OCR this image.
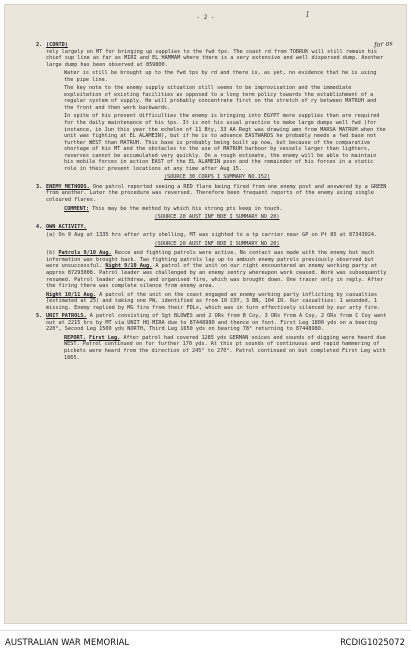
- 2 -	I
far as
2. (CONTD)
rely largely on MT for bringing up supplies to the fwd tps. The coast rd from TOBRUK will still remain his chief sup line as far as MIRI and EL HAMMAM where there is a very extensive and well dispersed dump. Another large dump has been observed at 859800.
Water is still be brought up to the fwd tps by rd and there is, as yet, no evidence that he is using the pipe line.
The key note to the enemy supply situation still seems to be improvisation and the immediate exploitation of existing facilities as opposed to a long term policy towards the establishment of a regular system of supply. He will probably concentrate first on the stretch of ry between MATRUH and the front and then work backwards.
In spite of his present difficulties the enemy is bringing into EGYPT more supplies than are required for the daily maintenance of his tps. It is not his usual practice to make large dumps well fwd (for instance, in Jun this year the echelon of 11 Bty, 33 AA Regt was drawing amn from MARSA MATRUH when the unit was fighting at EL ALAMEIN), but if he is to advance EASTWARDS he probably needs a fwd base not further WEST than MATRUH. This base is probably being built up now, but because of the comparative shortage of his MT and the obstacles to the use of MATRUH harbour by vessels larger than lighters, reserves cannot be accumulated very quickly. On a rough estimate, the enemy will be able to maintain his mobile forces in action EAST of the EL ALAMEIN posn and the remainder of his forces in a static role in their present locations at any time after Aug 15.
(SOURCE 30 CORPS I SUMMARY NO.152)
3. ENEMY METHODS. One patrol reported seeing a RED flare being fired from one enemy post and answered by a GREEN from another. Later the procedure was reversed. Therefore been frequent reports of the enemy using single coloured flares.
COMMENT: This may be the method by which his strong pts keep in touch.
(SOURCE 20 AUST INF BDE I SUMMARY NO 20)
4. OWN ACTIVITY.
(a) On 9 Aug at 1335 hrs after arty shelling, MT was sighted to a tp carrier near GP on Pt 85 at 87343024.
(SOURCE 20 AUST INF BDE I SUMMARY NO 20)
(b) Patrols 9/10 Aug. Recce and fighting patrols were active. No contact was made with the enemy but much information was brought back. Two fighting patrols lay up to ambush enemy patrols previously observed but were unsuccessful. Night 9/10 Aug. A patrol of the unit on our right encountered an enemy working party at approx 87293008. Patrol leader was challenged by an enemy sentry whereupon work ceased. Work was subsequently resumed. Patrol leader withdrew, and organised fire, which was brought down. One tracer only in reply. After the firing there was complete silence from enemy area.
Night 10/11 Aug. A patrol of the unit on the coast engaged an enemy working party inflicting by casualties (estimated at 25) and taking one PW, identified as from 10 COY, 3 BN, 104 IR. Our casualties: 1 wounded, 1 missing. Enemy replied by MG fire from their FDLs, which was in turn effectively silenced by our arty fire.
5. UNIT PATROLS. A patrol consisting of Sgt BLOWES and 2 ORs from B Coy, 3 ORs from A Coy, 2 ORs from C Coy went out at 2215 hrs by MT via UNIT HQ MIRA due to 87448980 and thence on foot. First Leg 1800 yds on a bearing 220°, Second Leg 1500 yds NORTH, Third Leg 1650 yds on bearing 78° returning to 87448980.
REPORT. First Leg. After patrol had covered 1285 yds GERMAN voices and sounds of digging were heard due WEST. Patrol continued on for further 170 yds. At this pt sounds of continuous and rapid hammering of pickets were heard from the direction of 245° to 270°. Patrol continued on but completed First Leg with 1865.
AUSTRALIAN WAR MEMORIAL	RCDIG1025072
